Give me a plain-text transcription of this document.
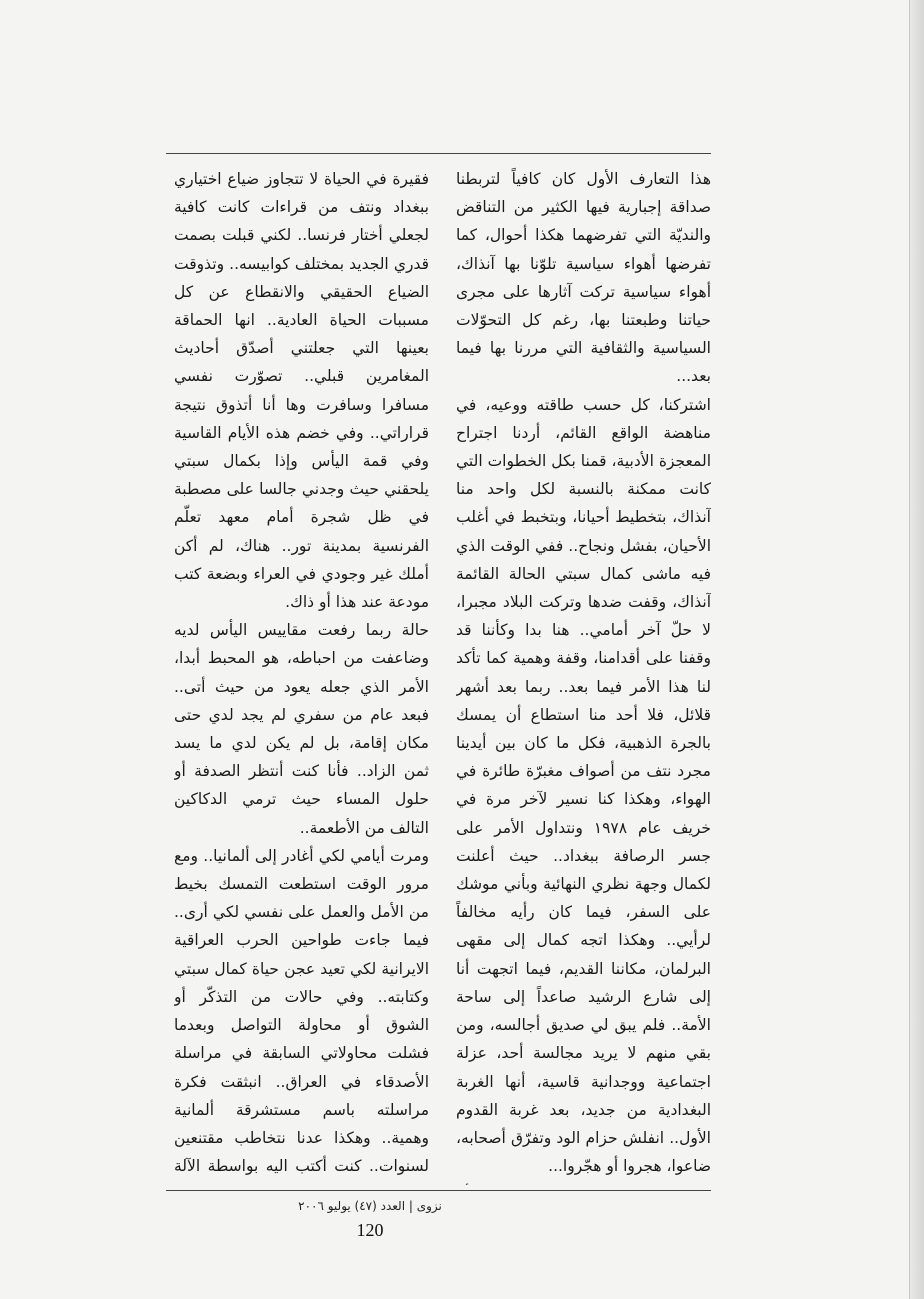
هذا التعارف الأول كان كافياً لتربطنا صداقة إجبارية فيها الكثير من التناقض والنديّة التي تفرضهما هكذا أحوال، كما تفرضها أهواء سياسية تلوّنا بها آنذاك، أهواء سياسية تركت آثارها على مجرى حياتنا وطبعتنا بها، رغم كل التحوّلات السياسية والثقافية التي مررنا بها فيما بعد...

اشتركنا، كل حسب طاقته ووعيه، في مناهضة الواقع القائم، أردنا اجتراح المعجزة الأدبية، قمنا بكل الخطوات التي كانت ممكنة بالنسبة لكل واحد منا آنذاك، بتخطيط أحيانا، وبتخبط في أغلب الأحيان، بفشل ونجاح.. ففي الوقت الذي فيه ماشى كمال سبتي الحالة القائمة آنذاك، وقفت ضدها وتركت البلاد مجبرا، لا حلّ آخر أمامي.. هنا بدا وكأننا قد وقفنا على أقدامنا، وقفة وهمية كما تأكد لنا هذا الأمر فيما بعد.. ربما بعد أشهر قلائل، فلا أحد منا استطاع أن يمسك بالجرة الذهبية، فكل ما كان بين أيدينا مجرد نتف من أصواف مغبرّة طائرة في الهواء، وهكذا كنا نسير لآخر مرة في خريف عام ١٩٧٨ ونتداول الأمر على جسر الرصافة ببغداد.. حيث أعلنت لكمال وجهة نظري النهائية وبأني موشك على السفر، فيما كان رأيه مخالفاً لرأيي.. وهكذا اتجه كمال إلى مقهى البرلمان، مكاننا القديم، فيما اتجهت أنا إلى شارع الرشيد صاعداً إلى ساحة الأمة.. فلم يبق لي صديق أجالسه، ومن بقي منهم لا يريد مجالسة أحد، عزلة اجتماعية ووجدانية قاسية، أنها الغربة البغدادية من جديد، بعد غربة القدوم الأول.. انفلش حزام الود وتفرّق أصحابه، ضاعوا، هجروا أو هجّروا...

فقيرة في الحياة لا تتجاوز ضياع اختياري ببغداد ونتف من قراءات كانت كافية لجعلي أختار فرنسا.. لكني قبلت بصمت قدري الجديد بمختلف كوابيسه.. وتذوقت الضياع الحقيقي والانقطاع عن كل مسببات الحياة العادية.. انها الحماقة بعينها التي جعلتني أصدّق أحاديث المغامرين قبلي.. تصوّرت نفسي مسافرا وسافرت وها أنا أتذوق نتيجة قراراتي.. وفي خضم هذه الأيام القاسية وفي قمة اليأس وإذا بكمال سبتي يلحقني حيث وجدني جالسا على مصطبة في ظل شجرة أمام معهد تعلّم الفرنسية بمدينة تور.. هناك، لم أكن أملك غير وجودي في العراء وبضعة كتب مودعة عند هذا أو ذاك.

حالة ربما رفعت مقاييس اليأس لديه وضاعفت من احباطه، هو المحبط أبدا، الأمر الذي جعله يعود من حيث أتى.. فبعد عام من سفري لم يجد لدي حتى مكان إقامة، بل لم يكن لدي ما يسد ثمن الزاد.. فأنا كنت أنتظر الصدفة أو حلول المساء حيث ترمي الدكاكين التالف من الأطعمة..

ومرت أيامي لكي أغادر إلى ألمانيا.. ومع مرور الوقت استطعت التمسك بخيط من الأمل والعمل على نفسي لكي أرى.. فيما جاءت طواحين الحرب العراقية الايرانية لكي تعيد عجن حياة كمال سبتي وكتابته.. وفي حالات من التذكّر أو الشوق أو محاولة التواصل وبعدما فشلت محاولاتي السابقة في مراسلة الأصدقاء في العراق.. انبثقت فكرة مراسلته باسم مستشرقة ألمانية وهمية.. وهكذا عدنا نتخاطب مقتنعين لسنوات.. كنت أكتب اليه بواسطة الآلة

نزوى | العدد (٤٧) يوليو ٢٠٠٦
120
